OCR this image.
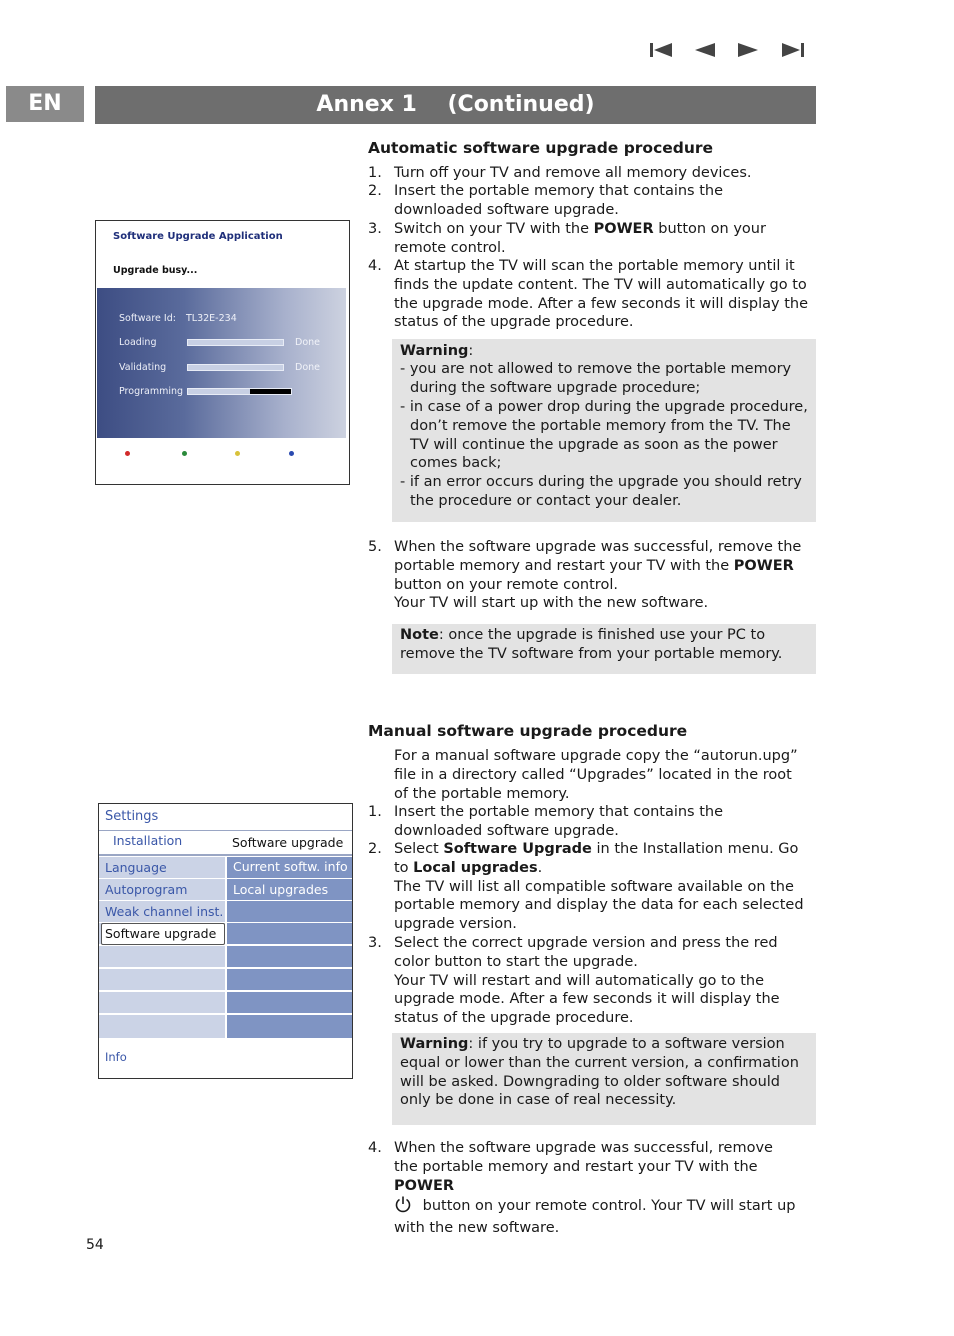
EN	Annex 1    (Continued)
Software Upgrade Application
Upgrade busy...
Software Id: TL32E-234
Loading	Done
Validating	Done
Programming
Settings
Installation	Software upgrade
Language	Current softw. info
Autoprogram	Local upgrades
Weak channel inst.
Software upgrade
Info
Automatic software upgrade procedure
1. Turn off your TV and remove all memory devices.
2. Insert the portable memory that contains the downloaded software upgrade.
3. Switch on your TV with the POWER button on your remote control.
4. At startup the TV will scan the portable memory until it finds the update content. The TV will automatically go to the upgrade mode. After a few seconds it will display the status of the upgrade procedure.
Warning:
- you are not allowed to remove the portable memory during the software upgrade procedure;
- in case of a power drop during the upgrade procedure, don’t remove the portable memory from the TV. The TV will continue the upgrade as soon as the power comes back;
- if an error occurs during the upgrade you should retry the procedure or contact your dealer.
5. When the software upgrade was successful, remove the portable memory and restart your TV with the POWER button on your remote control.
Your TV will start up with the new software.
Note: once the upgrade is finished use your PC to remove the TV software from your portable memory.
Manual software upgrade procedure
For a manual software upgrade copy the “autorun.upg” file in a directory called “Upgrades” located in the root of the portable memory.
1. Insert the portable memory that contains the downloaded software upgrade.
2. Select Software Upgrade in the Installation menu. Go to Local upgrades.
The TV will list all compatible software available on the portable memory and display the data for each selected upgrade version.
3. Select the correct upgrade version and press the red color button to start the upgrade.
Your TV will restart and will automatically go to the upgrade mode. After a few seconds it will display the status of the upgrade procedure.
Warning: if you try to upgrade to a software version equal or lower than the current version, a confirmation will be asked. Downgrading to older software should only be done in case of real necessity.
4. When the software upgrade was successful, remove the portable memory and restart your TV with the POWER
button on your remote control. Your TV will start up with the new software.
54
